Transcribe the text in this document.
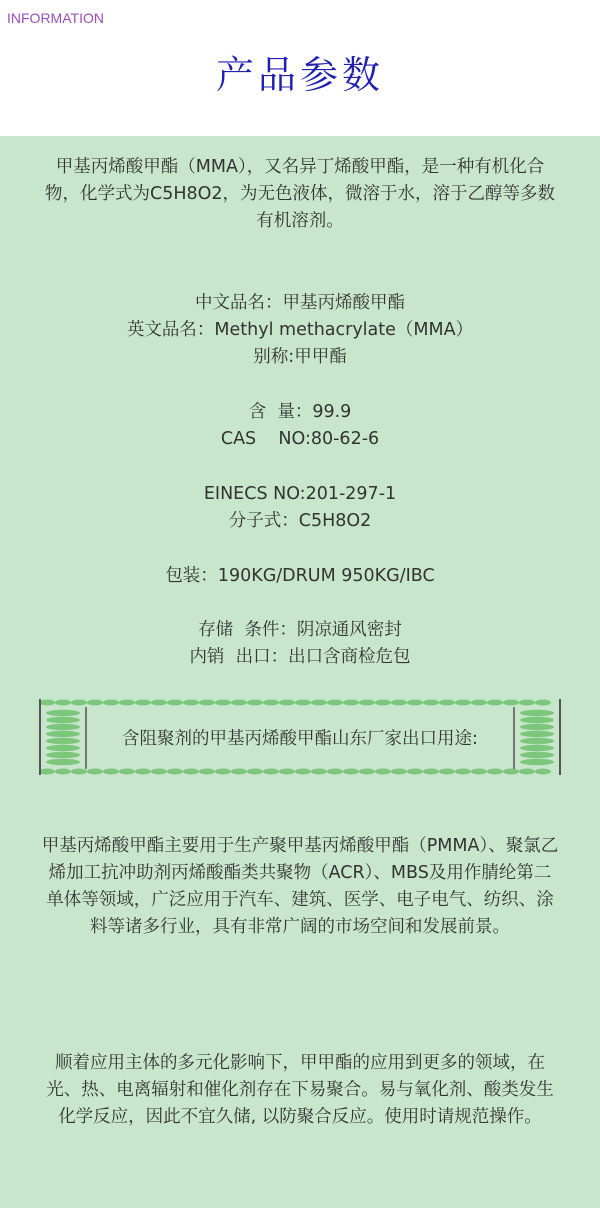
INFORMATION
产品参数
甲基丙烯酸甲酯（MMA），又名异丁烯酸甲酯，是一种有机化合物，化学式为C5H8O2，为无色液体，微溶于水，溶于乙醇等多数有机溶剂。
中文品名：甲基丙烯酸甲酯
英文品名：Methyl methacrylate（MMA）
别称:甲甲酯
含  量：99.9
CAS    NO:80-62-6
EINECS NO:201-297-1
分子式：C5H8O2
包装：190KG/DRUM 950KG/IBC
存储  条件：阴凉通风密封
内销  出口：出口含商检危包
甲基丙烯酸甲酯主要用于生产聚甲基丙烯酸甲酯（PMMA）、聚氯乙烯加工抗冲助剂丙烯酸酯类共聚物（ACR）、MBS及用作腈纶第二单体等领域，广泛应用于汽车、建筑、医学、电子电气、纺织、涂料等诸多行业，具有非常广阔的市场空间和发展前景。
顺着应用主体的多元化影响下，甲甲酯的应用到更多的领域，在光、热、电离辐射和催化剂存在下易聚合。易与氧化剂、酸类发生化学反应，因此不宜久储, 以防聚合反应。使用时请规范操作。
含阻聚剂的甲基丙烯酸甲酯山东厂家出口用途:
